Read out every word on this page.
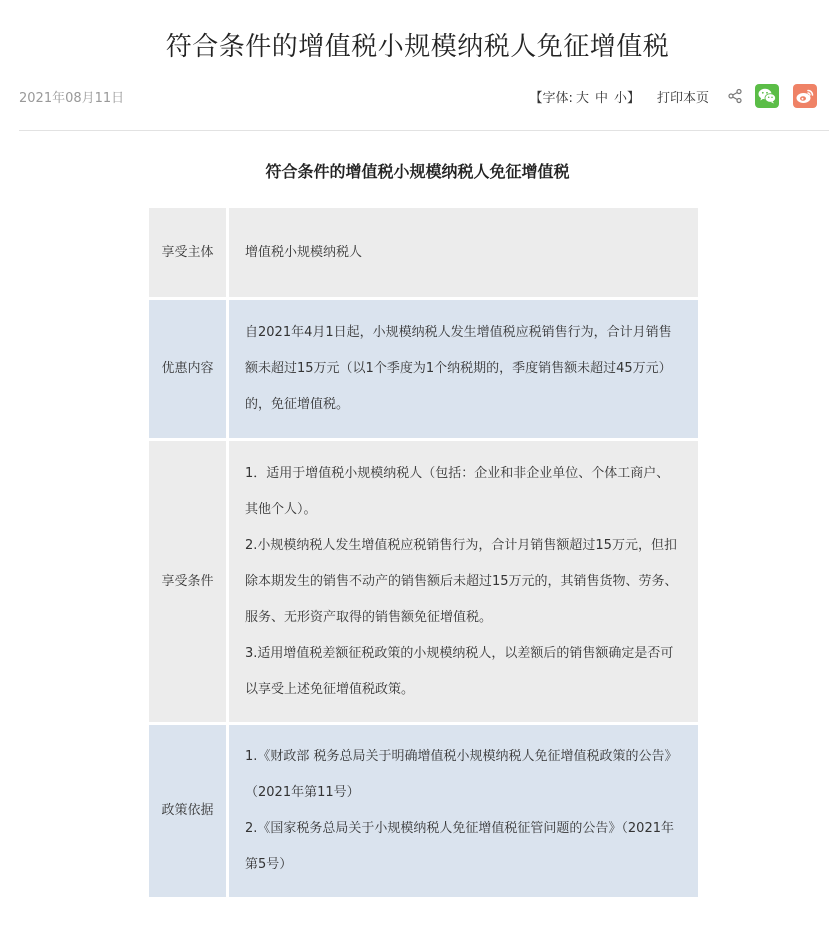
符合条件的增值税小规模纳税人免征增值税
2021年08月11日	【字体: 大 中 小】 打印本页
符合条件的增值税小规模纳税人免征增值税
享受主体	增值税小规模纳税人

优惠内容	自2021年4月1日起，小规模纳税人发生增值税应税销售行为，合计月销售额未超过15万元（以1个季度为1个纳税期的，季度销售额未超过45万元）的，免征增值税。

享受条件	1．适用于增值税小规模纳税人（包括：企业和非企业单位、个体工商户、其他个人）。
2.小规模纳税人发生增值税应税销售行为，合计月销售额超过15万元，但扣除本期发生的销售不动产的销售额后未超过15万元的，其销售货物、劳务、服务、无形资产取得的销售额免征增值税。
3.适用增值税差额征税政策的小规模纳税人，以差额后的销售额确定是否可以享受上述免征增值税政策。

政策依据	1.《财政部 税务总局关于明确增值税小规模纳税人免征增值税政策的公告》（2021年第11号）
2.《国家税务总局关于小规模纳税人免征增值税征管问题的公告》（2021年第5号）
